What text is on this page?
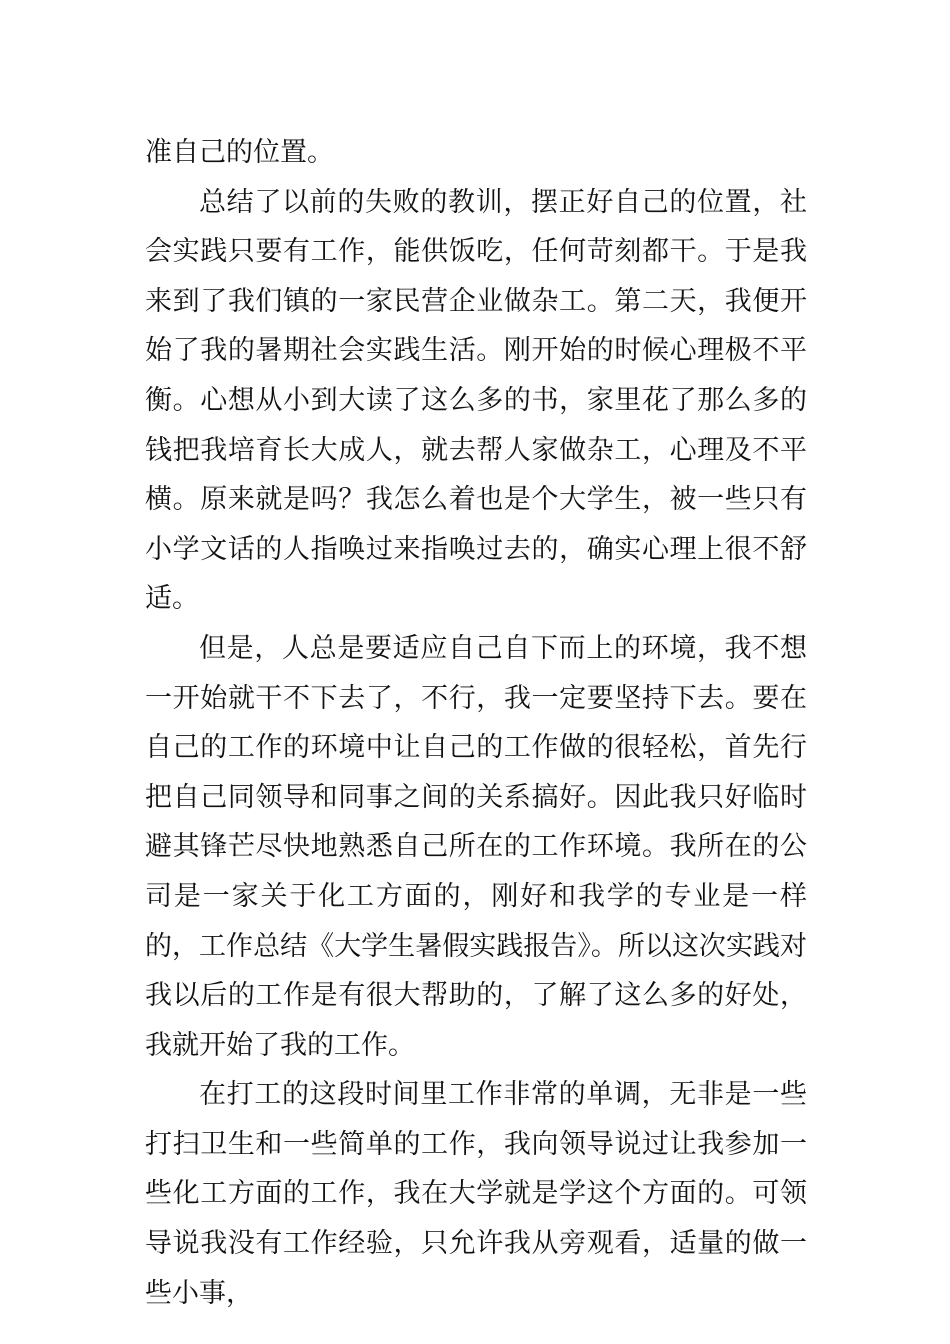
准自己的位置。

总结了以前的失败的教训，摆正好自己的位置，社会实践只要有工作，能供饭吃，任何苛刻都干。于是我来到了我们镇的一家民营企业做杂工。第二天，我便开始了我的暑期社会实践生活。刚开始的时候心理极不平衡。心想从小到大读了这么多的书，家里花了那么多的钱把我培育长大成人，就去帮人家做杂工，心理及不平横。原来就是吗？我怎么着也是个大学生，被一些只有小学文话的人指唤过来指唤过去的，确实心理上很不舒适。

但是，人总是要适应自己自下而上的环境，我不想一开始就干不下去了，不行，我一定要坚持下去。要在自己的工作的环境中让自己的工作做的很轻松，首先行把自己同领导和同事之间的关系搞好。因此我只好临时避其锋芒尽快地熟悉自己所在的工作环境。我所在的公司是一家关于化工方面的，刚好和我学的专业是一样的，工作总结《大学生暑假实践报告》。所以这次实践对我以后的工作是有很大帮助的，了解了这么多的好处，我就开始了我的工作。

在打工的这段时间里工作非常的单调，无非是一些打扫卫生和一些简单的工作，我向领导说过让我参加一些化工方面的工作，我在大学就是学这个方面的。可领导说我没有工作经验，只允许我从旁观看，适量的做一些小事，
